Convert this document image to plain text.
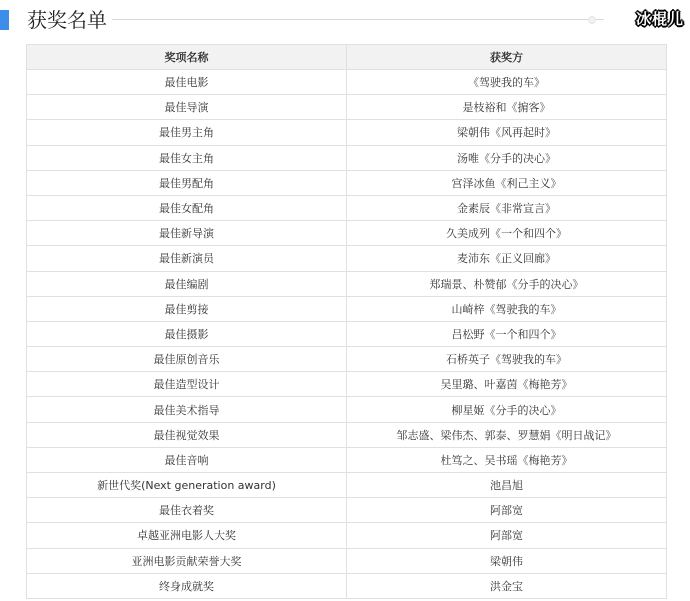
获奖名单	冰棍儿
奖项名称	获奖方
最佳电影	《驾驶我的车》
最佳导演	是枝裕和《掮客》
最佳男主角	梁朝伟《风再起时》
最佳女主角	汤唯《分手的决心》
最佳男配角	宫泽冰鱼《利己主义》
最佳女配角	金素辰《非常宣言》
最佳新导演	久美成列《一个和四个》
最佳新演员	麦沛东《正义回廊》
最佳编剧	郑瑞景、朴赞郁《分手的决心》
最佳剪接	山崎梓《驾驶我的车》
最佳摄影	吕松野《一个和四个》
最佳原创音乐	石桥英子《驾驶我的车》
最佳造型设计	吴里璐、叶嘉茵《梅艳芳》
最佳美术指导	柳星姬《分手的决心》
最佳视觉效果	邹志盛、梁伟杰、郭泰、罗慧娟《明日战记》
最佳音响	杜笃之、吴书瑶《梅艳芳》
新世代奖(Next generation award)	池昌旭
最佳衣着奖	阿部宽
卓越亚洲电影人大奖	阿部宽
亚洲电影贡献荣誉大奖	梁朝伟
终身成就奖	洪金宝
